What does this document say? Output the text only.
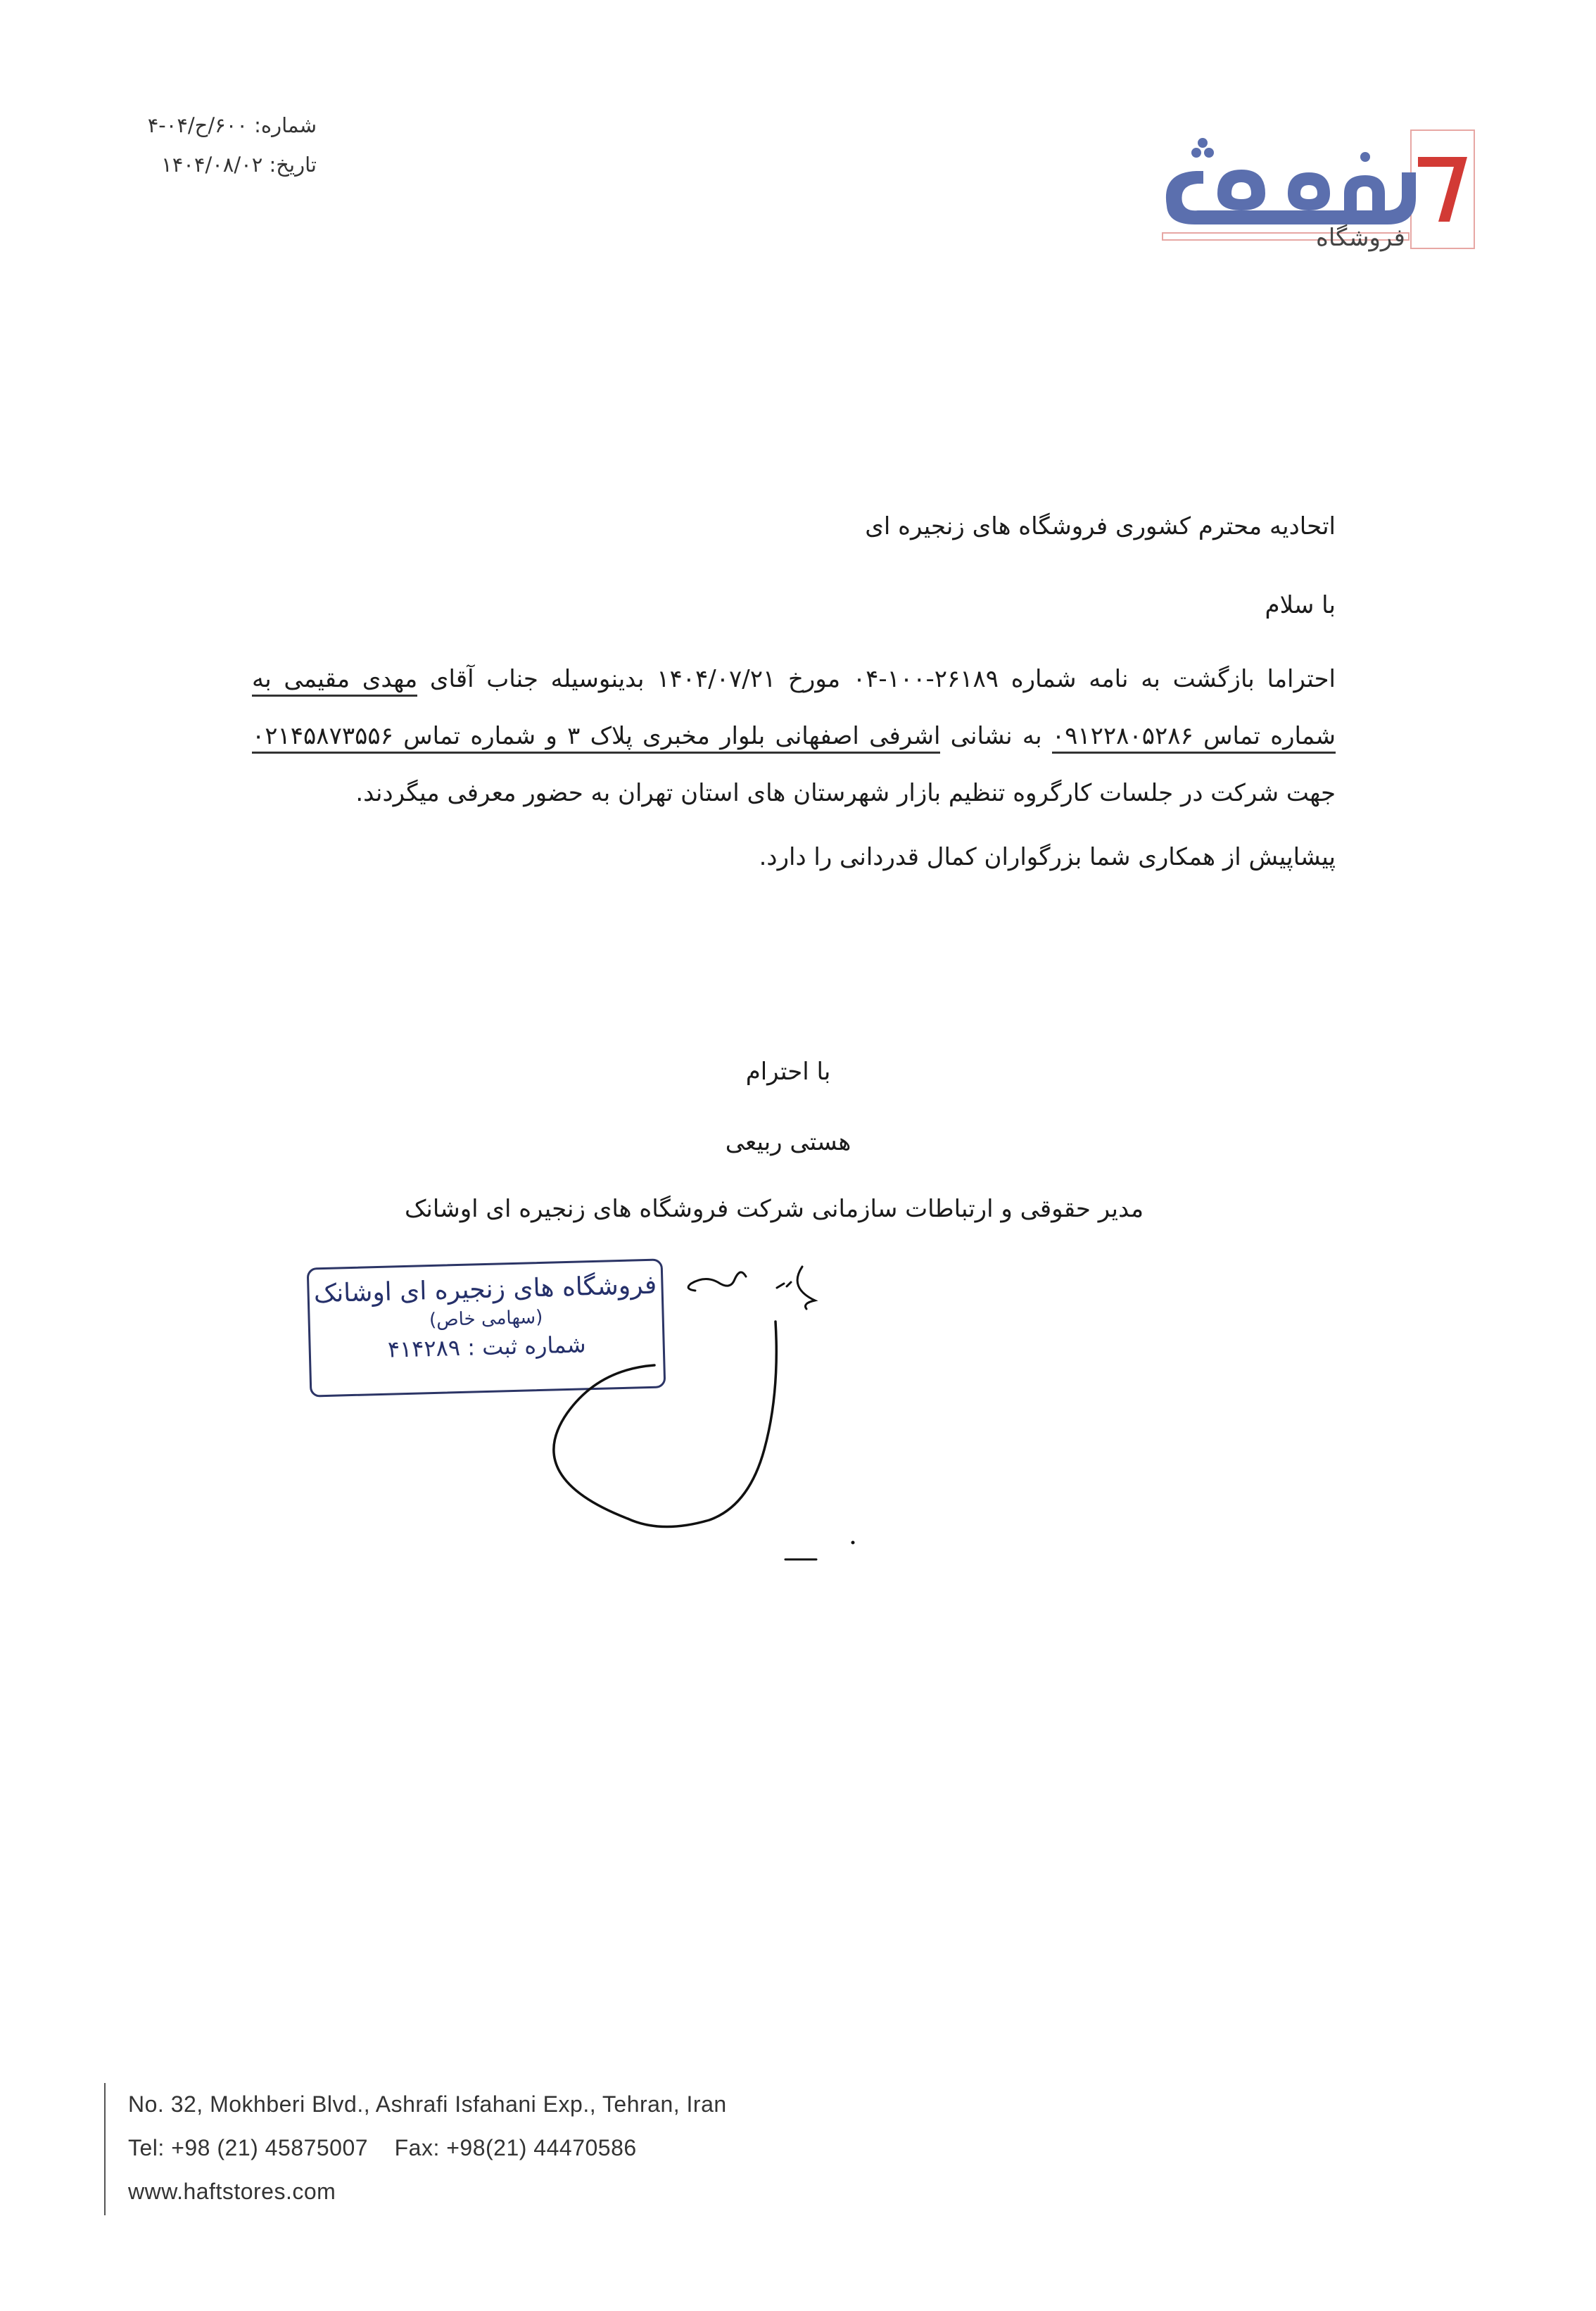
شماره: ۶۰۰/ح/۰۴-۴
تاریخ: ۱۴۰۴/۰۸/۰۲
فروشگاه
اتحادیه محترم کشوری فروشگاه های زنجیره ای
با سلام
احتراما بازگشت به نامه شماره ۲۶۱۸۹-۱۰۰-۰۴ مورخ ۱۴۰۴/۰۷/۲۱ بدینوسیله جناب آقای مهدی مقیمی به شماره تماس ۰۹۱۲۲۸۰۵۲۸۶ به نشانی اشرفی اصفهانی بلوار مخبری پلاک ۳ و شماره تماس ۰۲۱۴۵۸۷۳۵۵۶ جهت شرکت در جلسات کارگروه تنظیم بازار شهرستان های استان تهران به حضور معرفی میگردند.
پیشاپیش از همکاری شما بزرگواران کمال قدردانی را دارد.
با احترام
هستی ربیعی
مدیر حقوقی و ارتباطات سازمانی شرکت فروشگاه های زنجیره ای اوشانک
فروشگاه های زنجیره ای اوشانک
(سهامی خاص)
شماره ثبت : ۴۱۴۲۸۹
No. 32, Mokhberi Blvd., Ashrafi Isfahani Exp., Tehran, Iran
Tel: +98 (21) 45875007    Fax: +98(21) 44470586
www.haftstores.com
